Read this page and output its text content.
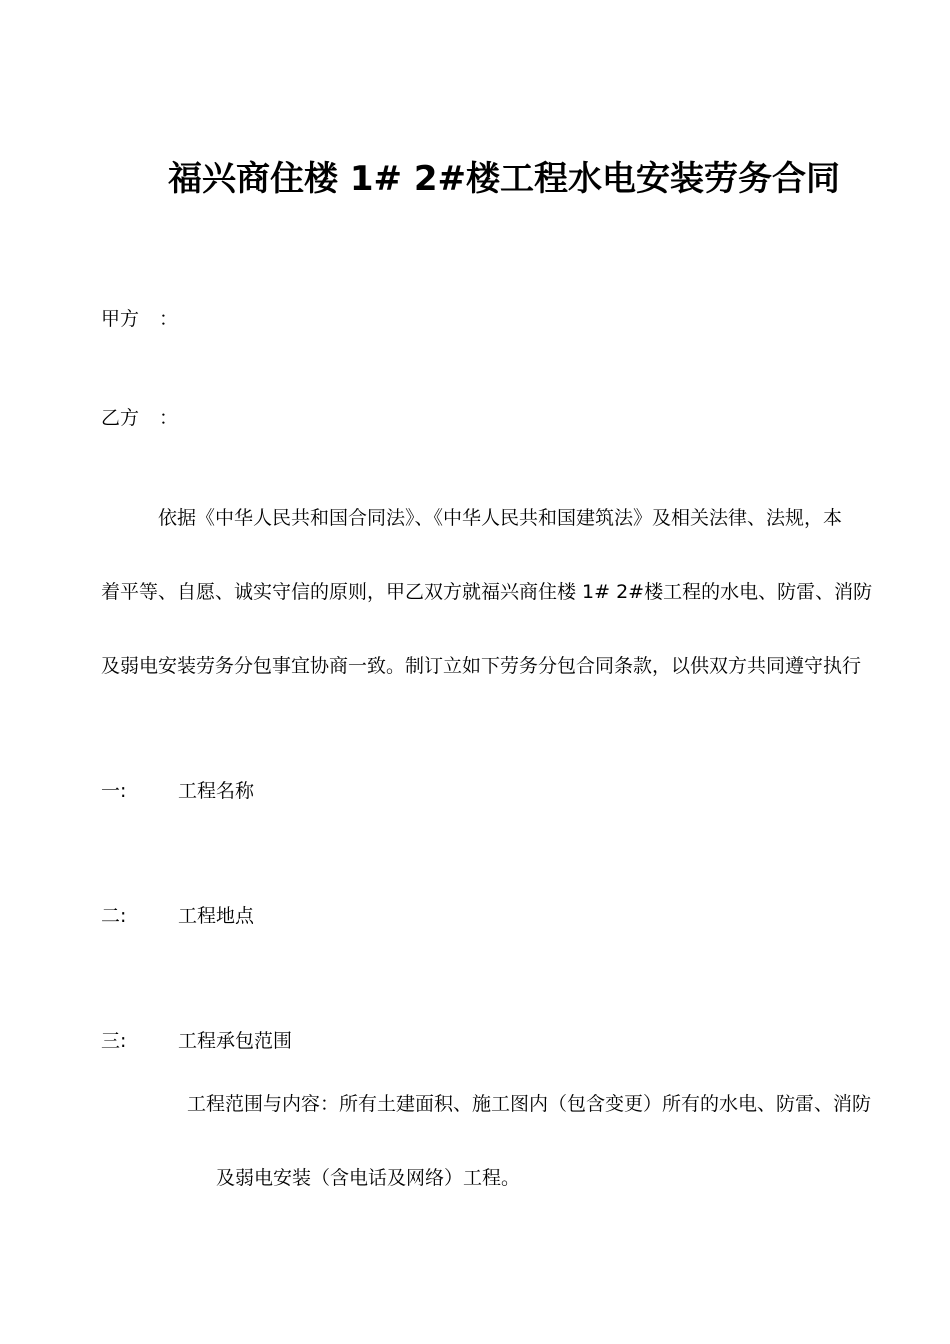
福兴商住楼 1# 2#楼工程水电安装劳务合同
甲方 ：
乙方 ：
依据《中华人民共和国合同法》、《中华人民共和国建筑法》及相关法律、法规，本
着平等、自愿、诚实守信的原则，甲乙双方就福兴商住楼 1# 2#楼工程的水电、防雷、消防
及弱电安装劳务分包事宜协商一致。制订立如下劳务分包合同条款，以供双方共同遵守执行
一:	工程名称
二:	工程地点
三:	工程承包范围
工程范围与内容：所有土建面积、施工图内（包含变更）所有的水电、防雷、消防
及弱电安装（含电话及网络）工程。
